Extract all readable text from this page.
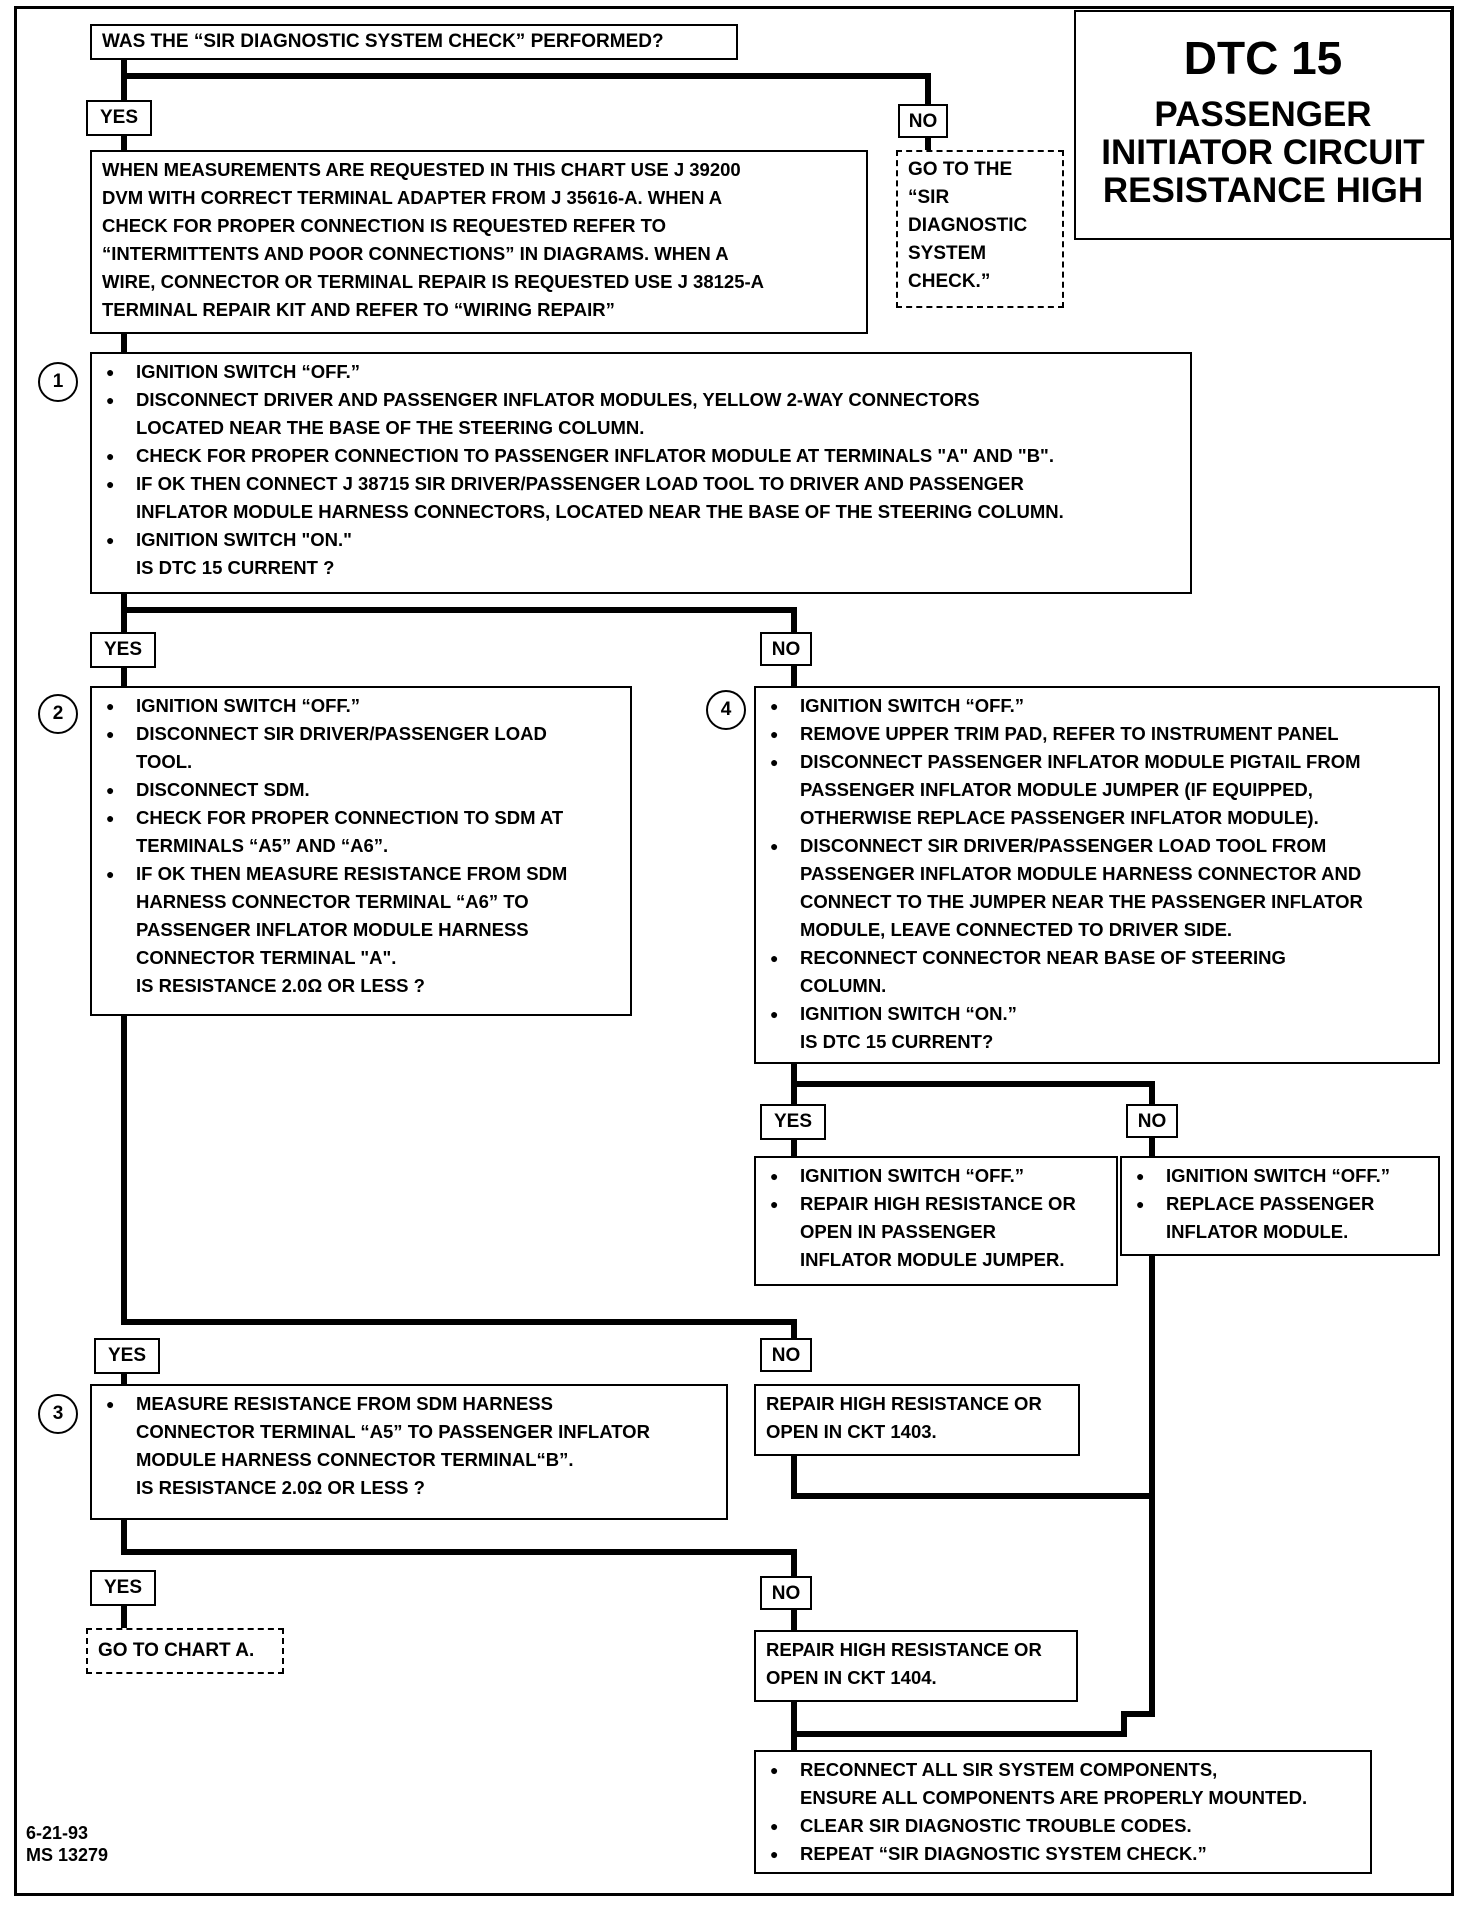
DTC 15
PASSENGER
INITIATOR CIRCUIT
RESISTANCE HIGH
WAS THE “SIR DIAGNOSTIC SYSTEM CHECK” PERFORMED?
YES	NO
WHEN MEASUREMENTS ARE REQUESTED IN THIS CHART USE J 39200
DVM WITH CORRECT TERMINAL ADAPTER FROM J 35616-A. WHEN A
CHECK FOR PROPER CONNECTION IS REQUESTED REFER TO
“INTERMITTENTS AND POOR CONNECTIONS” IN DIAGRAMS. WHEN A
WIRE, CONNECTOR OR TERMINAL REPAIR IS REQUESTED USE J 38125-A
TERMINAL REPAIR KIT AND REFER TO “WIRING REPAIR”
GO TO THE
“SIR
DIAGNOSTIC
SYSTEM
CHECK.”
1	● IGNITION SWITCH “OFF.”
● DISCONNECT DRIVER AND PASSENGER INFLATOR MODULES, YELLOW 2-WAY CONNECTORS
LOCATED NEAR THE BASE OF THE STEERING COLUMN.
● CHECK FOR PROPER CONNECTION TO PASSENGER INFLATOR MODULE AT TERMINALS "A" AND "B".
● IF OK THEN CONNECT J 38715 SIR DRIVER/PASSENGER LOAD TOOL TO DRIVER AND PASSENGER
INFLATOR MODULE HARNESS CONNECTORS, LOCATED NEAR THE BASE OF THE STEERING COLUMN.
● IGNITION SWITCH "ON."
IS DTC 15 CURRENT ?
YES	NO
2	● IGNITION SWITCH “OFF.”
● DISCONNECT SIR DRIVER/PASSENGER LOAD
TOOL.
● DISCONNECT SDM.
● CHECK FOR PROPER CONNECTION TO SDM AT
TERMINALS “A5” AND “A6”.
● IF OK THEN MEASURE RESISTANCE FROM SDM
HARNESS CONNECTOR TERMINAL “A6” TO
PASSENGER INFLATOR MODULE HARNESS
CONNECTOR TERMINAL "A".
IS RESISTANCE 2.0Ω OR LESS ?
4	● IGNITION SWITCH “OFF.”
● REMOVE UPPER TRIM PAD, REFER TO INSTRUMENT PANEL
● DISCONNECT PASSENGER INFLATOR MODULE PIGTAIL FROM
PASSENGER INFLATOR MODULE JUMPER (IF EQUIPPED,
OTHERWISE REPLACE PASSENGER INFLATOR MODULE).
● DISCONNECT SIR DRIVER/PASSENGER LOAD TOOL FROM
PASSENGER INFLATOR MODULE HARNESS CONNECTOR AND
CONNECT TO THE JUMPER NEAR THE PASSENGER INFLATOR
MODULE, LEAVE CONNECTED TO DRIVER SIDE.
● RECONNECT CONNECTOR NEAR BASE OF STEERING
COLUMN.
● IGNITION SWITCH “ON.”
IS DTC 15 CURRENT?
YES	NO
● IGNITION SWITCH “OFF.”
● REPAIR HIGH RESISTANCE OR
OPEN IN PASSENGER
INFLATOR MODULE JUMPER.
● IGNITION SWITCH “OFF.”
● REPLACE PASSENGER
INFLATOR MODULE.
YES	NO
3	● MEASURE RESISTANCE FROM SDM HARNESS
CONNECTOR TERMINAL “A5” TO PASSENGER INFLATOR
MODULE HARNESS CONNECTOR TERMINAL“B”.
IS RESISTANCE 2.0Ω OR LESS ?
REPAIR HIGH RESISTANCE OR
OPEN IN CKT 1403.
YES	NO
GO TO CHART A.	REPAIR HIGH RESISTANCE OR
OPEN IN CKT 1404.
● RECONNECT ALL SIR SYSTEM COMPONENTS,
ENSURE ALL COMPONENTS ARE PROPERLY MOUNTED.
● CLEAR SIR DIAGNOSTIC TROUBLE CODES.
● REPEAT “SIR DIAGNOSTIC SYSTEM CHECK.”
6-21-93
MS 13279
